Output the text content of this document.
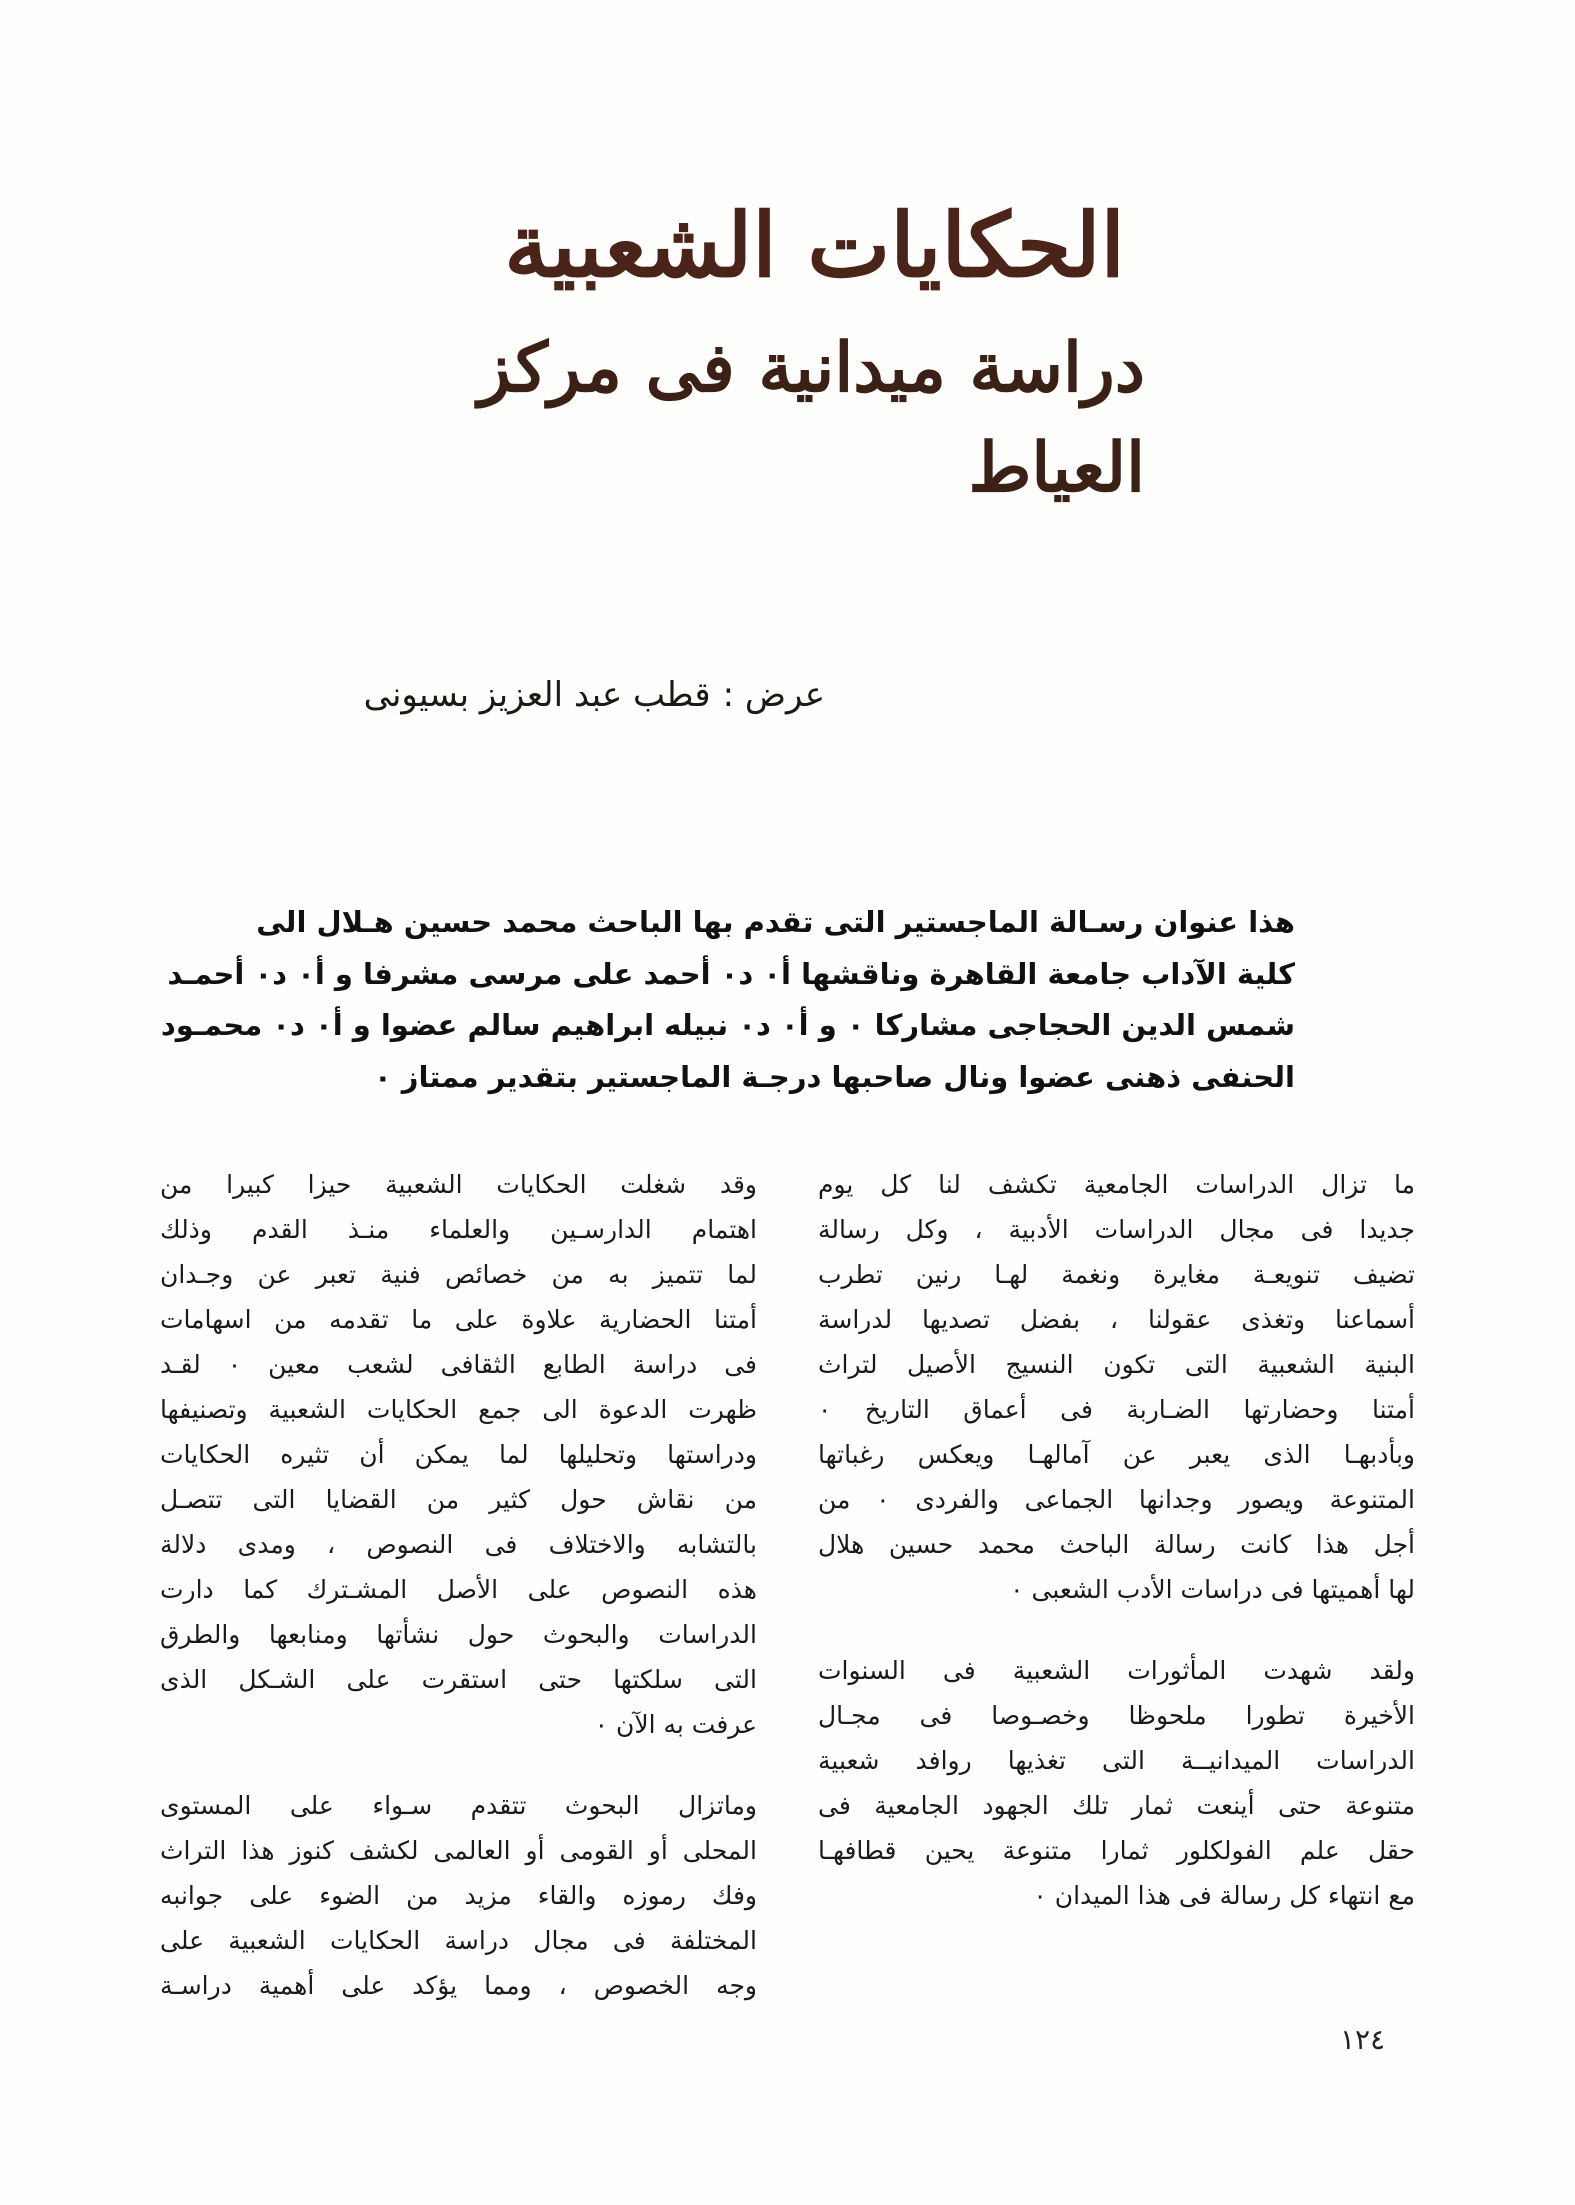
الحكايات الشعبية
دراسة ميدانية فى مركز العياط
عرض :قطب عبد العزيز بسيونى
هذا عنوان رسـالة الماجستير التى تقدم بها الباحث محمد حسين هـلال الى
كلية الآداب جامعة القاهرة وناقشها أ٠ د٠ أحمد على مرسى مشرفا و أ٠ د٠ أحمـد
شمس الدين الحجاجى مشاركا ٠ و أ٠ د٠ نبيله ابراهيم سالم عضوا و أ٠ د٠ محمـود
الحنفى ذهنى عضوا ونال صاحبها درجـة الماجستير بتقدير ممتاز ٠
ما تزال الدراسات الجامعية تكشف لنا كل يوم
جديدا فى مجال الدراسات الأدبية ، وكل رسالة
تضيف تنويعـة مغايرة ونغمة لهـا رنين تطرب
أسماعنا وتغذى عقولنا ، بفضل تصديها لدراسة
البنية الشعبية التى تكون النسيج الأصيل لتراث
أمتنا وحضارتها الضـاربة فى أعماق التاريخ ٠
وبأدبهـا الذى يعبر عن آمالهـا ويعكس رغباتها
المتنوعة ويصور وجدانها الجماعى والفردى ٠ من
أجل هذا كانت رسالة الباحث محمد حسين هلال
لها أهميتها فى دراسات الأدب الشعبى ٠
ولقد شهدت المأثورات الشعبية فى السنوات
الأخيرة تطورا ملحوظا وخصـوصا فى مجـال
الدراسات الميدانيــة التى تغذيها روافد شعبية
متنوعة حتى أينعت ثمار تلك الجهود الجامعية فى
حقل علم الفولكلور ثمارا متنوعة يحين قطافهـا
مع انتهاء كل رسالة فى هذا الميدان ٠
وقد شغلت الحكايات الشعبية حيزا كبيرا من
اهتمام الدارسـين والعلماء منـذ القدم وذلك
لما تتميز به من خصائص فنية تعبر عن وجـدان
أمتنا الحضارية علاوة على ما تقدمه من اسهامات
فى دراسة الطابع الثقافى لشعب معين ٠ لقـد
ظهرت الدعوة الى جمع الحكايات الشعبية وتصنيفها
ودراستها وتحليلها لما يمكن أن تثيره الحكايات
من نقاش حول كثير من القضايا التى تتصـل
بالتشابه والاختلاف فى النصوص ، ومدى دلالة
هذه النصوص على الأصل المشـترك كما دارت
الدراسات والبحوث حول نشأتها ومنابعها والطرق
التى سلكتها حتى استقرت على الشـكل الذى
عرفت به الآن ٠
وماتزال البحوث تتقدم سـواء على المستوى
المحلى أو القومى أو العالمى لكشف كنوز هذا التراث
وفك رموزه والقاء مزيد من الضوء على جوانبه
المختلفة فى مجال دراسة الحكايات الشعبية على
وجه الخصوص ، ومما يؤكد على أهمية دراسـة
١٢٤
